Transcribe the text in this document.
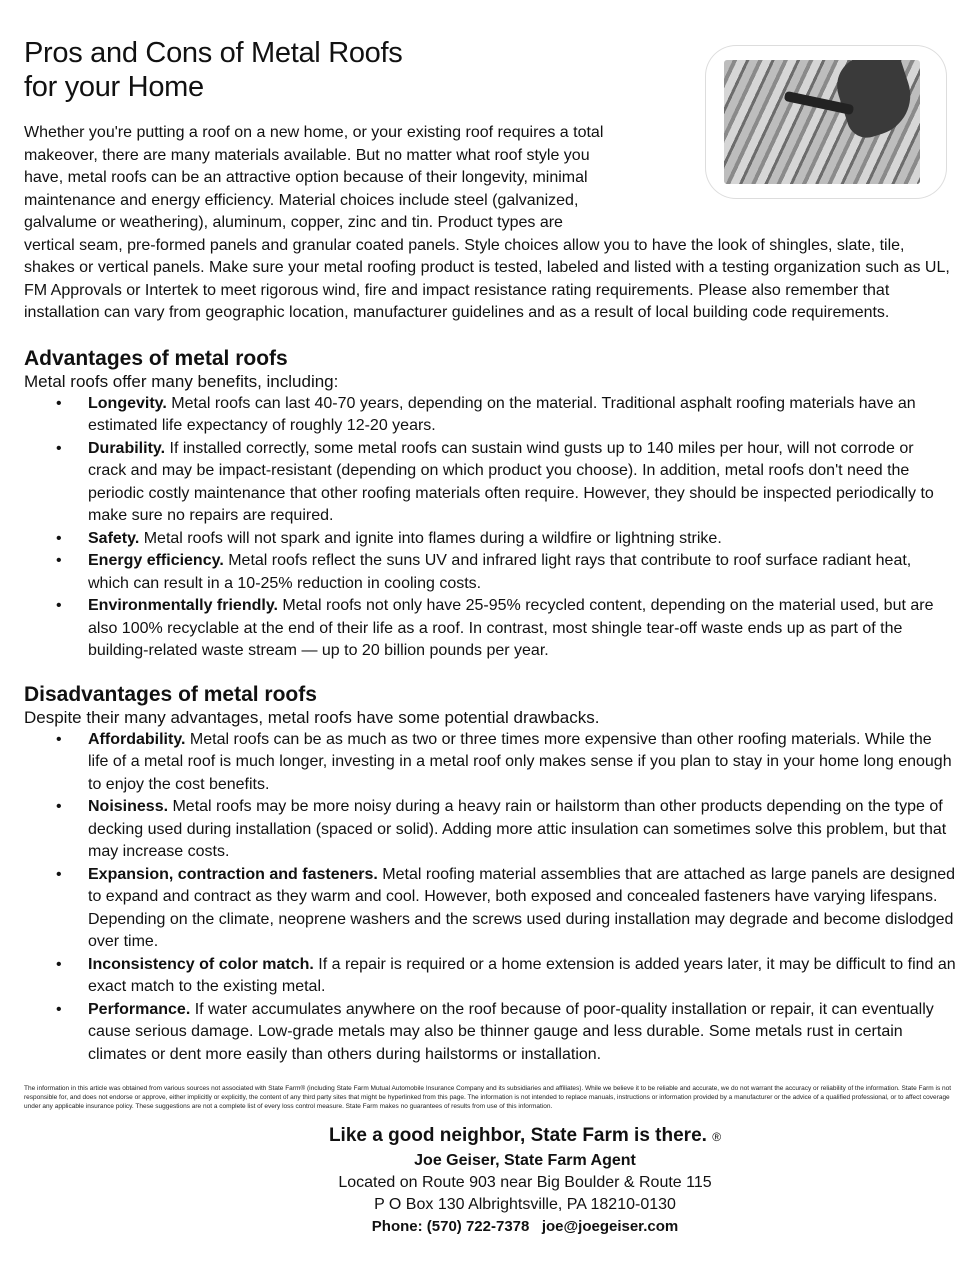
Pros and Cons of Metal Roofs
for your Home
Whether you're putting a roof on a new home, or your existing roof requires a total makeover, there are many materials available. But no matter what roof style you have, metal roofs can be an attractive option because of their longevity, minimal maintenance and energy efficiency. Material choices include steel (galvanized, galvalume or weathering), aluminum, copper, zinc and tin. Product types are
vertical seam, pre-formed panels and granular coated panels. Style choices allow you to have the look of shingles, slate, tile, shakes or vertical panels. Make sure your metal roofing product is tested, labeled and listed with a testing organization such as UL, FM Approvals or Intertek to meet rigorous wind, fire and impact resistance rating requirements. Please also remember that installation can vary from geographic location, manufacturer guidelines and as a result of local building code requirements.
Advantages of metal roofs

Metal roofs offer many benefits, including:

• Longevity. Metal roofs can last 40-70 years, depending on the material. Traditional asphalt roofing materials have an estimated life expectancy of roughly 12-20 years.
• Durability. If installed correctly, some metal roofs can sustain wind gusts up to 140 miles per hour, will not corrode or crack and may be impact-resistant (depending on which product you choose). In addition, metal roofs don't need the periodic costly maintenance that other roofing materials often require. However, they should be inspected periodically to make sure no repairs are required.
• Safety. Metal roofs will not spark and ignite into flames during a wildfire or lightning strike.
• Energy efficiency. Metal roofs reflect the suns UV and infrared light rays that contribute to roof surface radiant heat, which can result in a 10-25% reduction in cooling costs.
• Environmentally friendly. Metal roofs not only have 25-95% recycled content, depending on the material used, but are also 100% recyclable at the end of their life as a roof. In contrast, most shingle tear-off waste ends up as part of the building-related waste stream — up to 20 billion pounds per year.
Disadvantages of metal roofs

Despite their many advantages, metal roofs have some potential drawbacks.

• Affordability. Metal roofs can be as much as two or three times more expensive than other roofing materials. While the life of a metal roof is much longer, investing in a metal roof only makes sense if you plan to stay in your home long enough to enjoy the cost benefits.
• Noisiness. Metal roofs may be more noisy during a heavy rain or hailstorm than other products depending on the type of decking used during installation (spaced or solid). Adding more attic insulation can sometimes solve this problem, but that may increase costs.
• Expansion, contraction and fasteners. Metal roofing material assemblies that are attached as large panels are designed to expand and contract as they warm and cool. However, both exposed and concealed fasteners have varying lifespans. Depending on the climate, neoprene washers and the screws used during installation may degrade and become dislodged over time.
• Inconsistency of color match. If a repair is required or a home extension is added years later, it may be difficult to find an exact match to the existing metal.
• Performance. If water accumulates anywhere on the roof because of poor-quality installation or repair, it can eventually cause serious damage. Low-grade metals may also be thinner gauge and less durable. Some metals rust in certain climates or dent more easily than others during hailstorms or installation.
The information in this article was obtained from various sources not associated with State Farm® (including State Farm Mutual Automobile Insurance Company and its subsidiaries and affiliates). While we believe it to be reliable and accurate, we do not warrant the accuracy or reliability of the information. State Farm is not responsible for, and does not endorse or approve, either implicitly or explicitly, the content of any third party sites that might be hyperlinked from this page. The information is not intended to replace manuals, instructions or information provided by a manufacturer or the advice of a qualified professional, or to affect coverage under any applicable insurance policy. These suggestions are not a complete list of every loss control measure. State Farm makes no guarantees of results from use of this information.
Like a good neighbor, State Farm is there. ®
Joe Geiser, State Farm Agent
Located on Route 903 near Big Boulder & Route 115
P O Box 130 Albrightsville, PA 18210-0130
Phone: (570) 722-7378   joe@joegeiser.com
